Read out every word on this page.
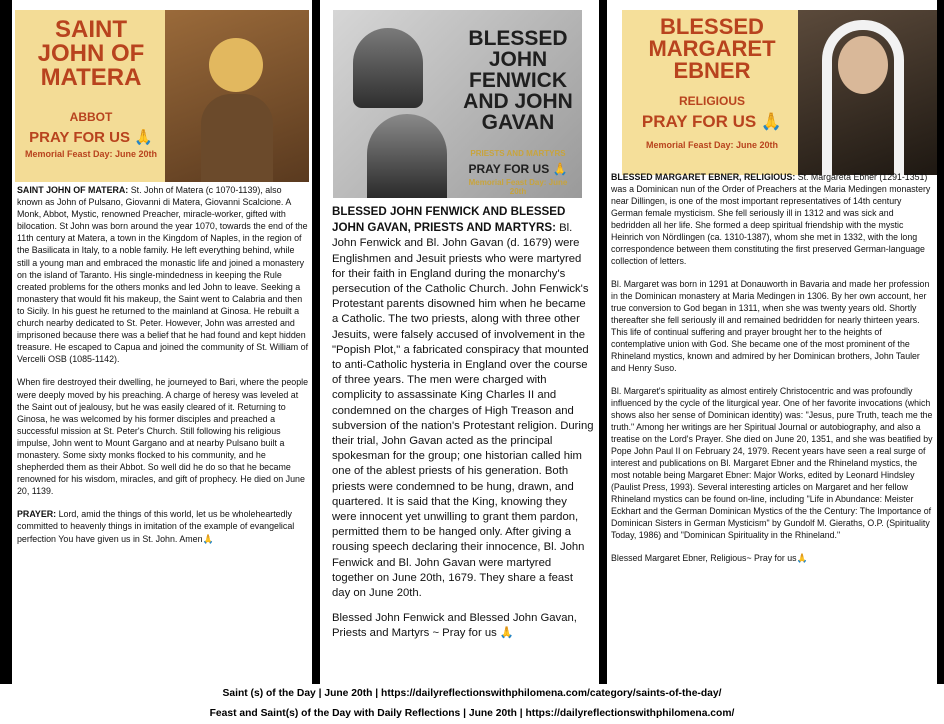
SAINT JOHN OF MATERA
ABBOT
PRAY FOR US 🙏
Memorial Feast Day: June 20th

SAINT JOHN OF MATERA: St. John of Matera (c 1070-1139), also known as John of Pulsano, Giovanni di Matera, Giovanni Scalcione. A Monk, Abbot, Mystic, renowned Preacher, miracle-worker, gifted with bilocation. St John was born around the year 1070, towards the end of the 11th century at Matera, a town in the Kingdom of Naples, in the region of the Basilicata in Italy, to a noble family. He left everything behind, while still a young man and embraced the monastic life and joined a monastery on the island of Taranto. His single-mindedness in keeping the Rule created problems for the others monks and led John to leave. Seeking a monastery that would fit his makeup, the Saint went to Calabria and then to Sicily. In his guest he returned to the mainland at Ginosa. He rebuilt a church nearby dedicated to St. Peter. However, John was arrested and imprisoned because there was a belief that he had found and kept hidden treasure. He escaped to Capua and joined the community of St. William of Vercelli OSB (1085-1142).

When fire destroyed their dwelling, he journeyed to Bari, where the people were deeply moved by his preaching. A charge of heresy was leveled at the Saint out of jealousy, but he was easily cleared of it. Returning to Ginosa, he was welcomed by his former disciples and preached a successful mission at St. Peter's Church. Still following his religious impulse, John went to Mount Gargano and at nearby Pulsano built a monastery. Some sixty monks flocked to his community, and he shepherded them as their Abbot. So well did he do so that he became renowned for his wisdom, miracles, and gift of prophecy. He died on June 20, 1139.

PRAYER: Lord, amid the things of this world, let us be wholeheartedly committed to heavenly things in imitation of the example of evangelical perfection You have given us in St. John. Amen🙏

BLESSED JOHN FENWICK AND JOHN GAVAN
PRIESTS AND MARTYRS
PRAY FOR US 🙏
Memorial Feast Day: June 20th

BLESSED JOHN FENWICK AND BLESSED JOHN GAVAN, PRIESTS AND MARTYRS: Bl. John Fenwick and Bl. John Gavan (d. 1679) were Englishmen and Jesuit priests who were martyred for their faith in England during the monarchy's persecution of the Catholic Church. John Fenwick's Protestant parents disowned him when he became a Catholic. The two priests, along with three other Jesuits, were falsely accused of involvement in the "Popish Plot," a fabricated conspiracy that mounted to anti-Catholic hysteria in England over the course of three years. The men were charged with complicity to assassinate King Charles II and condemned on the charges of High Treason and subversion of the nation's Protestant religion. During their trial, John Gavan acted as the principal spokesman for the group; one historian called him one of the ablest priests of his generation. Both priests were condemned to be hung, drawn, and quartered. It is said that the King, knowing they were innocent yet unwilling to grant them pardon, permitted them to be hanged only. After giving a rousing speech declaring their innocence, Bl. John Fenwick and Bl. John Gavan were martyred together on June 20th, 1679. They share a feast day on June 20th.

Blessed John Fenwick and Blessed John Gavan, Priests and Martyrs ~ Pray for us 🙏

BLESSED MARGARET EBNER
RELIGIOUS
PRAY FOR US 🙏
Memorial Feast Day: June 20th

BLESSED MARGARET EBNER, RELIGIOUS: St. Margareta Ebner (1291-1351) was a Dominican nun of the Order of Preachers at the Maria Medingen monastery near Dillingen, is one of the most important representatives of 14th century German female mysticism. She fell seriously ill in 1312 and was sick and bedridden all her life. She formed a deep spiritual friendship with the mystic Heinrich von Nördlingen (ca. 1310-1387), whom she met in 1332, with the long correspondence between them constituting the first preserved German-language collection of letters.

Bl. Margaret was born in 1291 at Donauworth in Bavaria and made her profession in the Dominican monastery at Maria Medingen in 1306. By her own account, her true conversion to God began in 1311, when she was twenty years old. Shortly thereafter she fell seriously ill and remained bedridden for nearly thirteen years. This life of continual suffering and prayer brought her to the heights of contemplative union with God. She became one of the most prominent of the Rhineland mystics, known and admired by her Dominican brothers, John Tauler and Henry Suso.

Bl. Margaret's spirituality as almost entirely Christocentric and was profoundly influenced by the cycle of the liturgical year. One of her favorite invocations (which shows also her sense of Dominican identity) was: "Jesus, pure Truth, teach me the truth." Among her writings are her Spiritual Journal or autobiography, and also a treatise on the Lord's Prayer. She died on June 20, 1351, and she was beatified by Pope John Paul II on February 24, 1979. Recent years have seen a real surge of interest and publications on Bl. Margaret Ebner and the Rhineland mystics, the most notable being Margaret Ebner: Major Works, edited by Leonard Hindsley (Paulist Press, 1993). Several interesting articles on Margaret and her fellow Rhineland mystics can be found on-line, including "Life in Abundance: Meister Eckhart and the German Dominican Mystics of the the Century: The Importance of Dominican Sisters in German Mysticism" by Gundolf M. Gieraths, O.P. (Spirituality Today, 1986) and "Dominican Spirituality in the Rhineland."

Blessed Margaret Ebner, Religious~ Pray for us🙏

Saint (s) of the Day | June 20th | https://dailyreflectionswithphilomena.com/category/saints-of-the-day/
Feast and Saint(s) of the Day with Daily Reflections | June 20th | https://dailyreflectionswithphilomena.com/
